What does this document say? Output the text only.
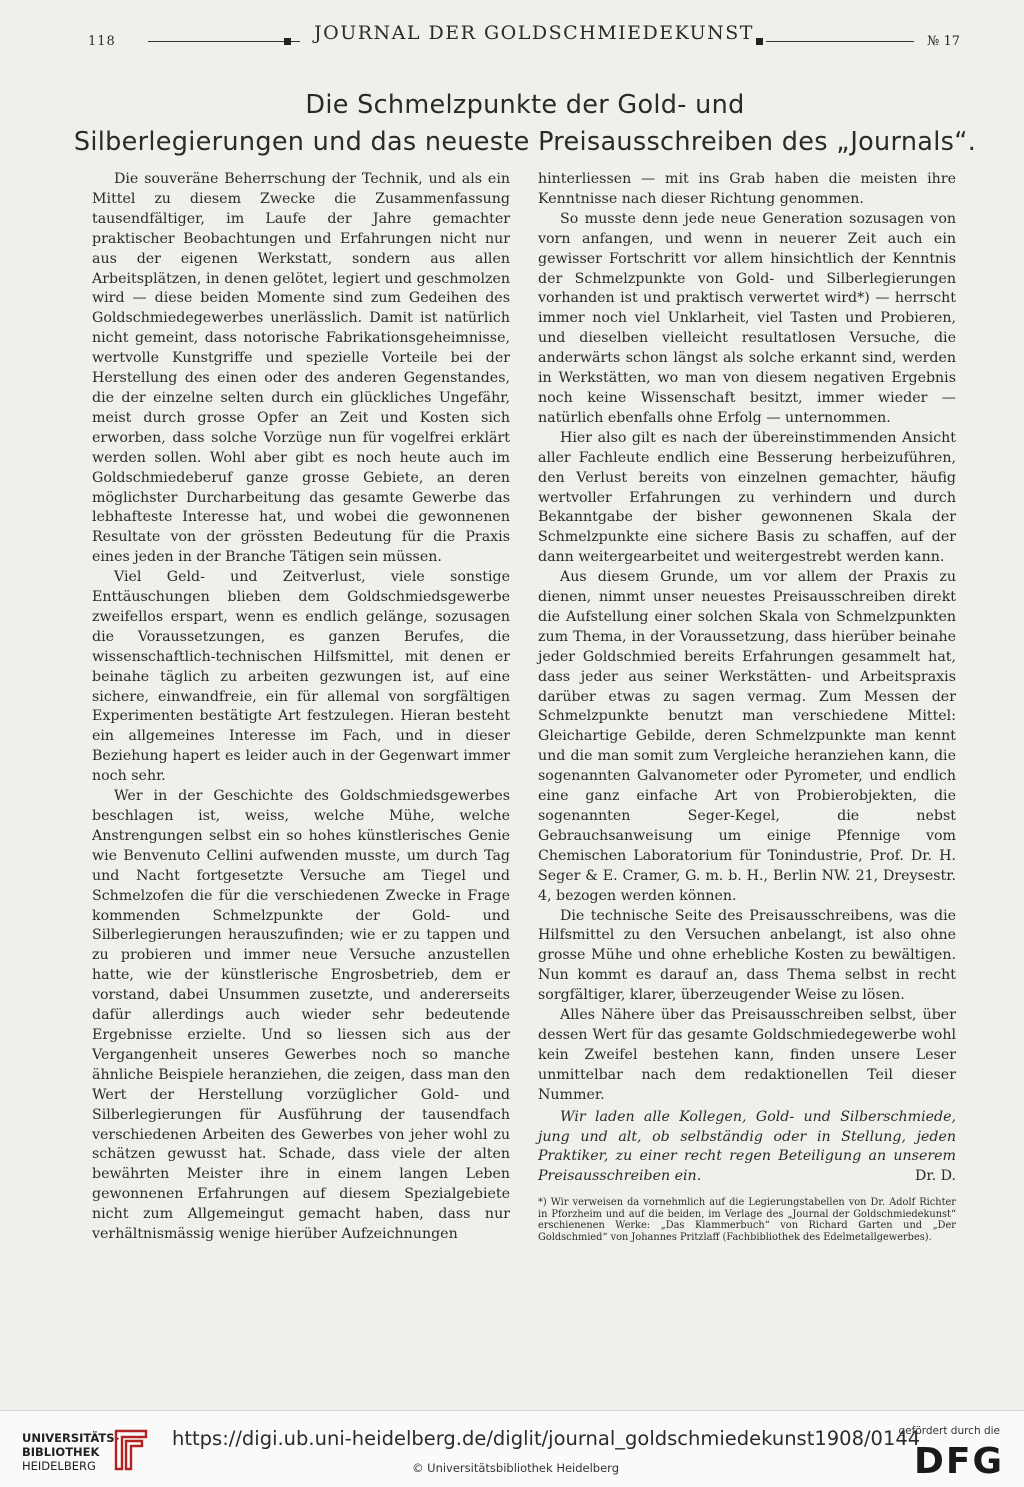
118	JOURNAL DER GOLDSCHMIEDEKUNST	№ 17
Die Schmelzpunkte der Gold- und
Silberlegierungen und das neueste Preisausschreiben des „Journals“.

Die souveräne Beherrschung der Technik, und als ein Mittel zu diesem Zwecke die Zusammenfassung tausendfältiger, im Laufe der Jahre gemachter praktischer Beobachtungen und Erfahrungen nicht nur aus der eigenen Werkstatt, sondern aus allen Arbeitsplätzen, in denen gelötet, legiert und geschmolzen wird — diese beiden Momente sind zum Gedeihen des Goldschmiedegewerbes unerlässlich. Damit ist natürlich nicht gemeint, dass notorische Fabrikationsgeheimnisse, wertvolle Kunstgriffe und spezielle Vorteile bei der Herstellung des einen oder des anderen Gegenstandes, die der einzelne selten durch ein glückliches Ungefähr, meist durch grosse Opfer an Zeit und Kosten sich erworben, dass solche Vorzüge nun für vogelfrei erklärt werden sollen. Wohl aber gibt es noch heute auch im Goldschmiedeberuf ganze grosse Gebiete, an deren möglichster Durcharbeitung das gesamte Gewerbe das lebhafteste Interesse hat, und wobei die gewonnenen Resultate von der grössten Bedeutung für die Praxis eines jeden in der Branche Tätigen sein müssen.

Viel Geld- und Zeitverlust, viele sonstige Enttäuschungen blieben dem Goldschmiedsgewerbe zweifellos erspart, wenn es endlich gelänge, sozusagen die Voraussetzungen, es ganzen Berufes, die wissenschaftlich-technischen Hilfsmittel, mit denen er beinahe täglich zu arbeiten gezwungen ist, auf eine sichere, einwandfreie, ein für allemal von sorgfältigen Experimenten bestätigte Art festzulegen. Hieran besteht ein allgemeines Interesse im Fach, und in dieser Beziehung hapert es leider auch in der Gegenwart immer noch sehr.

Wer in der Geschichte des Goldschmiedsgewerbes beschlagen ist, weiss, welche Mühe, welche Anstrengungen selbst ein so hohes künstlerisches Genie wie Benvenuto Cellini aufwenden musste, um durch Tag und Nacht fortgesetzte Versuche am Tiegel und Schmelzofen die für die verschiedenen Zwecke in Frage kommenden Schmelzpunkte der Gold- und Silberlegierungen herauszufinden; wie er zu tappen und zu probieren und immer neue Versuche anzustellen hatte, wie der künstlerische Engrosbetrieb, dem er vorstand, dabei Unsummen zusetzte, und andererseits dafür allerdings auch wieder sehr bedeutende Ergebnisse erzielte. Und so liessen sich aus der Vergangenheit unseres Gewerbes noch so manche ähnliche Beispiele heranziehen, die zeigen, dass man den Wert der Herstellung vorzüglicher Gold- und Silberlegierungen für Ausführung der tausendfach verschiedenen Arbeiten des Gewerbes von jeher wohl zu schätzen gewusst hat. Schade, dass viele der alten bewährten Meister ihre in einem langen Leben gewonnenen Erfahrungen auf diesem Spezialgebiete nicht zum Allgemeingut gemacht haben, dass nur verhältnismässig wenige hierüber Aufzeichnungen

hinterliessen — mit ins Grab haben die meisten ihre Kenntnisse nach dieser Richtung genommen.

So musste denn jede neue Generation sozusagen von vorn anfangen, und wenn in neuerer Zeit auch ein gewisser Fortschritt vor allem hinsichtlich der Kenntnis der Schmelzpunkte von Gold- und Silberlegierungen vorhanden ist und praktisch verwertet wird*) — herrscht immer noch viel Unklarheit, viel Tasten und Probieren, und dieselben vielleicht resultatlosen Versuche, die anderwärts schon längst als solche erkannt sind, werden in Werkstätten, wo man von diesem negativen Ergebnis noch keine Wissenschaft besitzt, immer wieder — natürlich ebenfalls ohne Erfolg — unternommen.

Hier also gilt es nach der übereinstimmenden Ansicht aller Fachleute endlich eine Besserung herbeizuführen, den Verlust bereits von einzelnen gemachter, häufig wertvoller Erfahrungen zu verhindern und durch Bekanntgabe der bisher gewonnenen Skala der Schmelzpunkte eine sichere Basis zu schaffen, auf der dann weitergearbeitet und weitergestrebt werden kann.

Aus diesem Grunde, um vor allem der Praxis zu dienen, nimmt unser neuestes Preisausschreiben direkt die Aufstellung einer solchen Skala von Schmelzpunkten zum Thema, in der Voraussetzung, dass hierüber beinahe jeder Goldschmied bereits Erfahrungen gesammelt hat, dass jeder aus seiner Werkstätten- und Arbeitspraxis darüber etwas zu sagen vermag. Zum Messen der Schmelzpunkte benutzt man verschiedene Mittel: Gleichartige Gebilde, deren Schmelzpunkte man kennt und die man somit zum Vergleiche heranziehen kann, die sogenannten Galvanometer oder Pyrometer, und endlich eine ganz einfache Art von Probierobjekten, die sogenannten Seger-Kegel, die nebst Gebrauchsanweisung um einige Pfennige vom Chemischen Laboratorium für Tonindustrie, Prof. Dr. H. Seger & E. Cramer, G. m. b. H., Berlin NW. 21, Dreysestr. 4, bezogen werden können.

Die technische Seite des Preisausschreibens, was die Hilfsmittel zu den Versuchen anbelangt, ist also ohne grosse Mühe und ohne erhebliche Kosten zu bewältigen. Nun kommt es darauf an, dass Thema selbst in recht sorgfältiger, klarer, überzeugender Weise zu lösen.

Alles Nähere über das Preisausschreiben selbst, über dessen Wert für das gesamte Goldschmiedegewerbe wohl kein Zweifel bestehen kann, finden unsere Leser unmittelbar nach dem redaktionellen Teil dieser Nummer.

Wir laden alle Kollegen, Gold- und Silberschmiede, jung und alt, ob selbständig oder in Stellung, jeden Praktiker, zu einer recht regen Beteiligung an unserem Preisausschreiben ein.	Dr. D.

*) Wir verweisen da vornehmlich auf die Legierungstabellen von Dr. Adolf Richter in Pforzheim und auf die beiden, im Verlage des „Journal der Goldschmiedekunst“ erschienenen Werke: „Das Klammerbuch“ von Richard Garten und „Der Goldschmied“ von Johannes Pritzlaff (Fachbibliothek des Edelmetallgewerbes).
UNIVERSITÄTS-
BIBLIOTHEK
HEIDELBERG
https://digi.ub.uni-heidelberg.de/diglit/journal_goldschmiedekunst1908/0144
© Universitätsbibliothek Heidelberg
gefördert durch die
DFG
